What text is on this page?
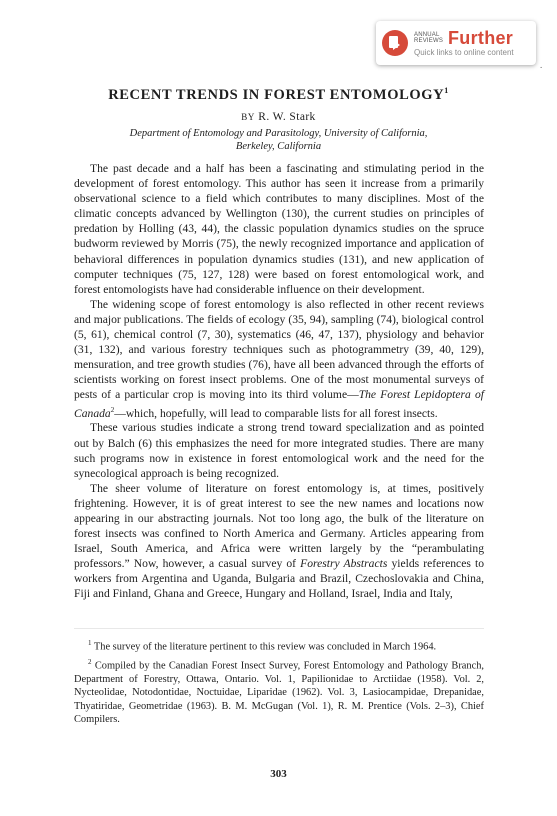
ANNUAL REVIEWS Further
Quick links to online content
.
RECENT TRENDS IN FOREST ENTOMOLOGY$^1$
BY R. W. Stark
Department of Entomology and Parasitology, University of California,
Berkeley, California

The past decade and a half has been a fascinating and stimulating period in the development of forest entomology. This author has seen it increase from a primarily observational science to a field which contributes to many disciplines. Most of the climatic concepts advanced by Wellington (130), the current studies on principles of predation by Holling (43, 44), the classic population dynamics studies on the spruce budworm reviewed by Morris (75), the newly recognized importance and application of behavioral differences in population dynamics studies (131), and new application of computer techniques (75, 127, 128) were based on forest entomological work, and forest entomologists have had considerable influence on their development.

The widening scope of forest entomology is also reflected in other recent reviews and major publications. The fields of ecology (35, 94), sampling (74), biological control (5, 61), chemical control (7, 30), systematics (46, 47, 137), physiology and behavior (31, 132), and various forestry techniques such as photogrammetry (39, 40, 129), mensuration, and tree growth studies (76), have all been advanced through the efforts of scientists working on forest insect problems. One of the most monumental surveys of pests of a particular crop is moving into its third volume—The Forest Lepidoptera of Canada$^2$—which, hopefully, will lead to comparable lists for all forest insects.

These various studies indicate a strong trend toward specialization and as pointed out by Balch (6) this emphasizes the need for more integrated studies. There are many such programs now in existence in forest entomological work and the need for the synecological approach is being recognized.

The sheer volume of literature on forest entomology is, at times, positively frightening. However, it is of great interest to see the new names and locations now appearing in our abstracting journals. Not too long ago, the bulk of the literature on forest insects was confined to North America and Germany. Articles appearing from Israel, South America, and Africa were written largely by the “perambulating professors.” Now, however, a casual survey of Forestry Abstracts yields references to workers from Argentina and Uganda, Bulgaria and Brazil, Czechoslovakia and China, Fiji and Finland, Ghana and Greece, Hungary and Holland, Israel, India and Italy,

$^1$ The survey of the literature pertinent to this review was concluded in March 1964.

$^2$ Compiled by the Canadian Forest Insect Survey, Forest Entomology and Pathology Branch, Department of Forestry, Ottawa, Ontario. Vol. 1, Papilionidae to Arctiidae (1958). Vol. 2, Nycteolidae, Notodontidae, Noctuidae, Liparidae (1962). Vol. 3, Lasiocampidae, Drepanidae, Thyatiridae, Geometridae (1963). B. M. McGugan (Vol. 1), R. M. Prentice (Vols. 2–3), Chief Compilers.

303
